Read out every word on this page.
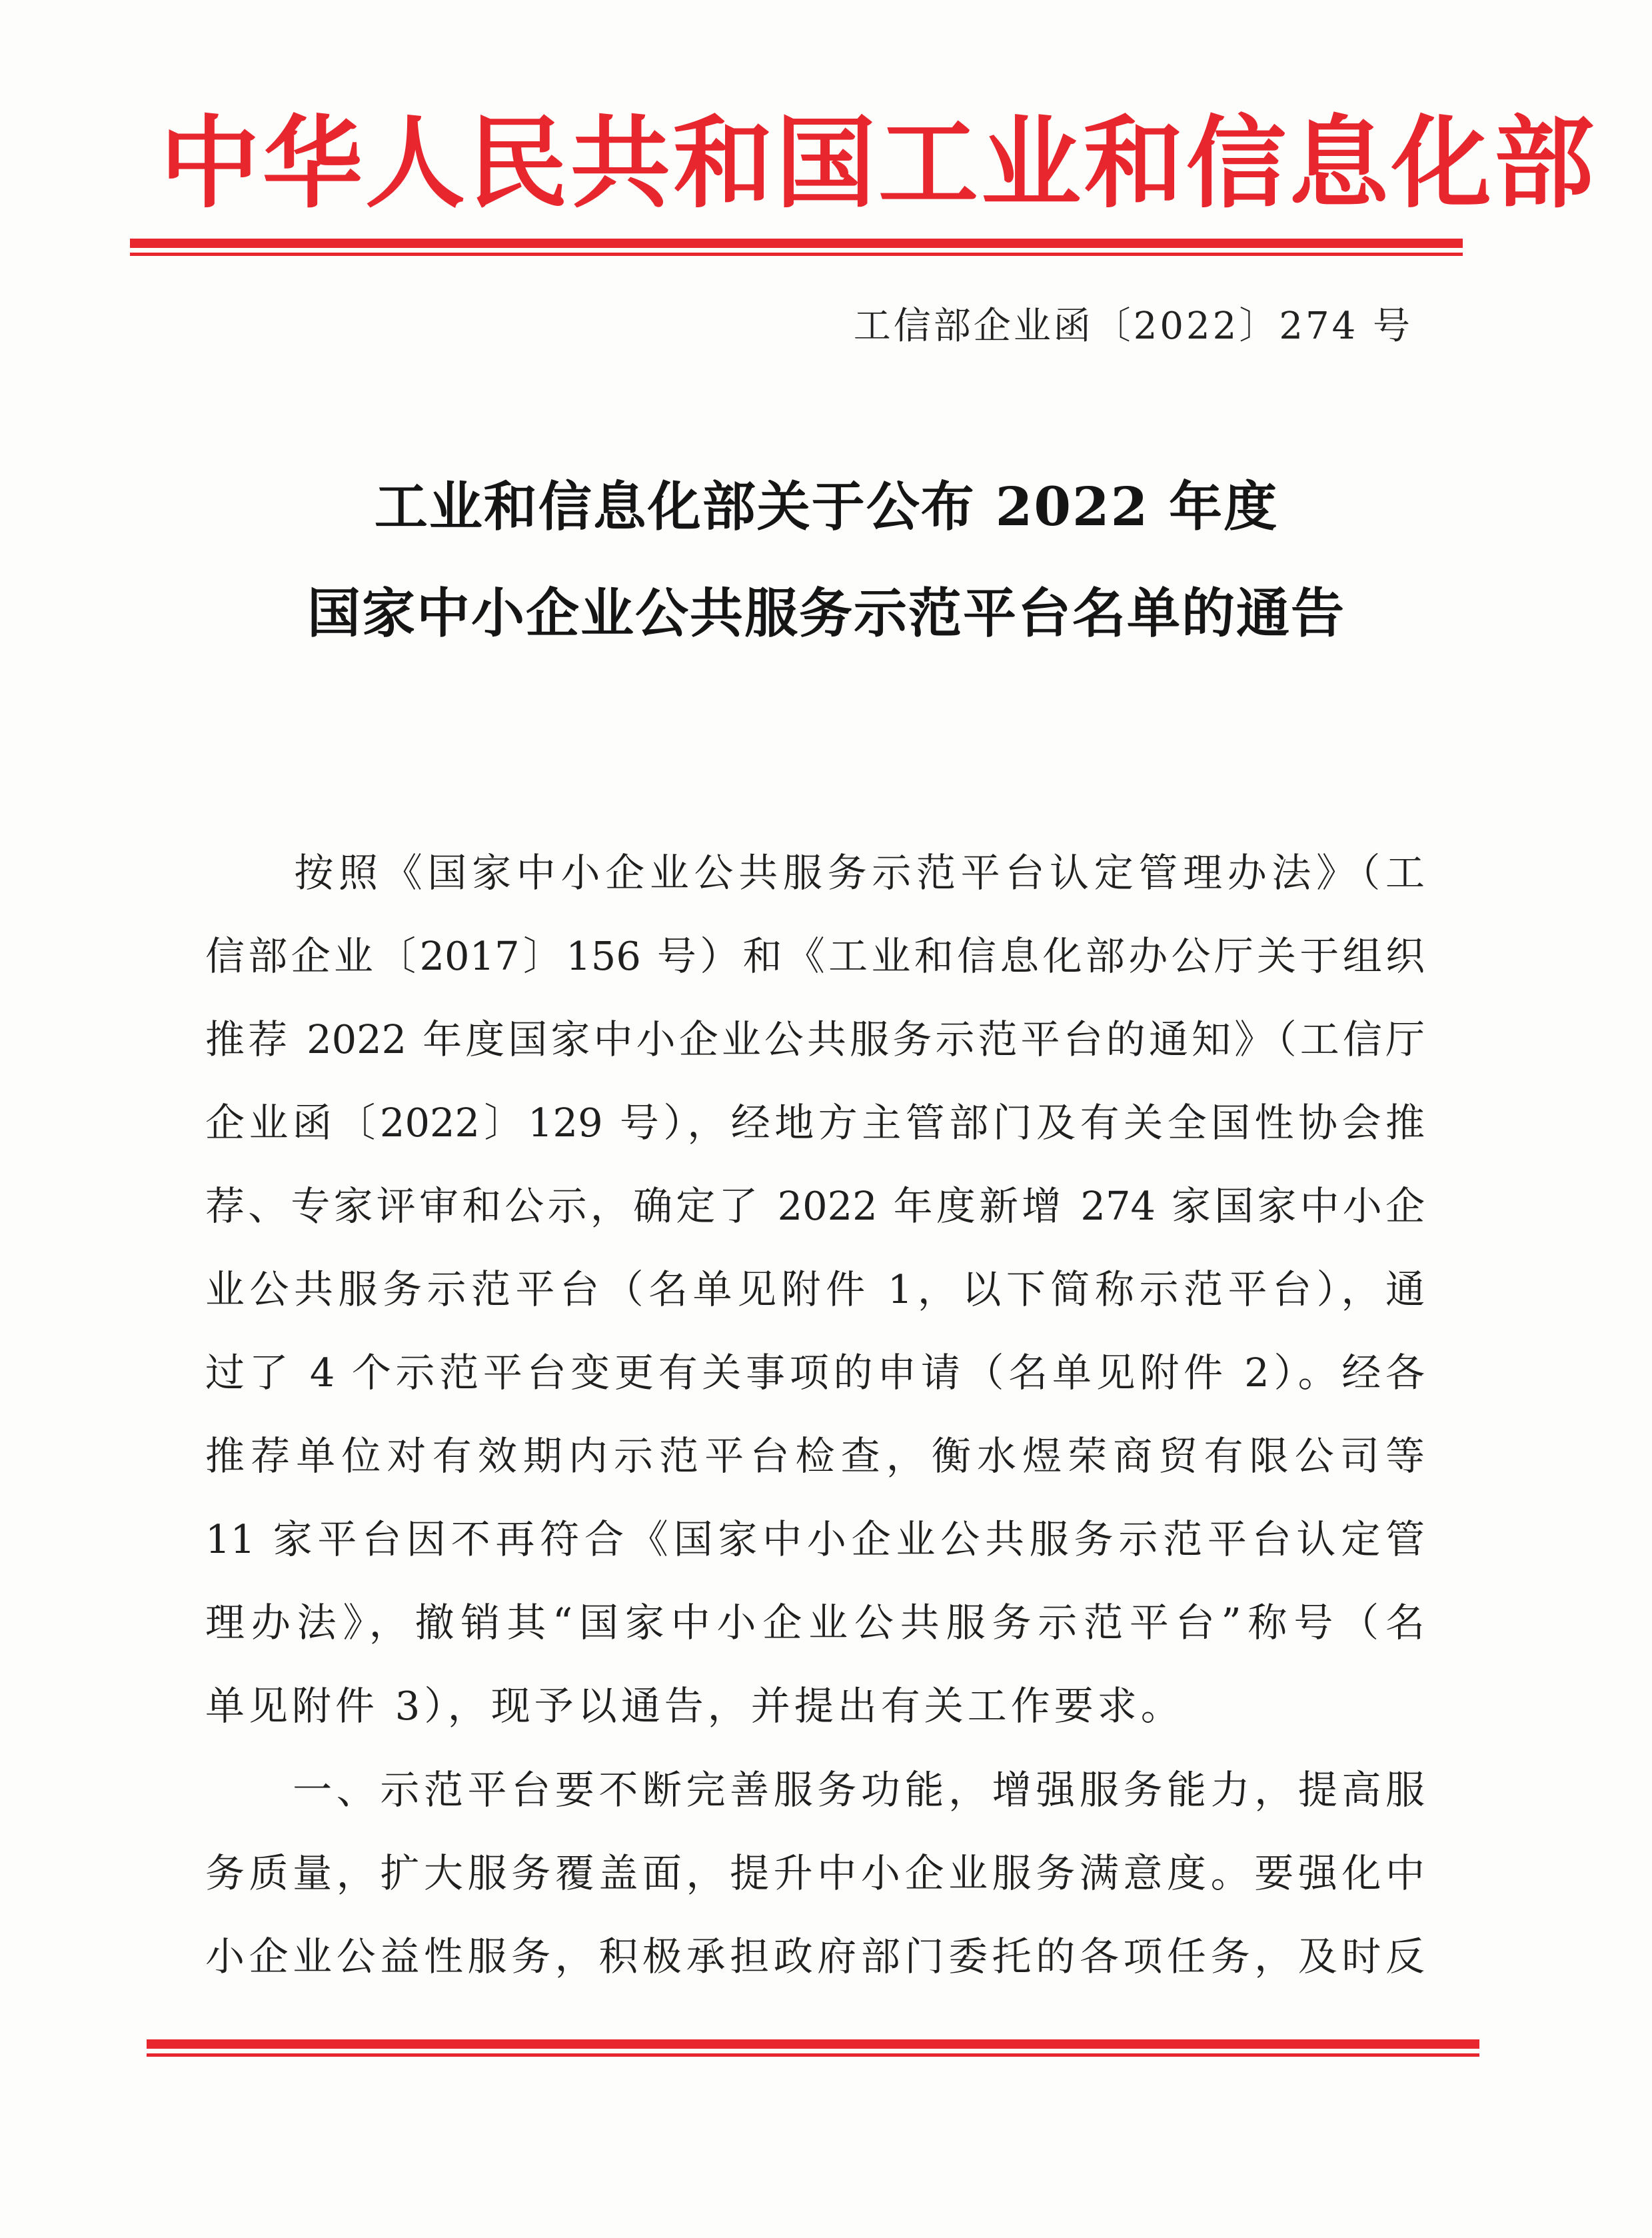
中华人民共和国工业和信息化部
工信部企业函〔2022〕274 号
工业和信息化部关于公布 2022 年度
国家中小企业公共服务示范平台名单的通告
　　按照《国家中小企业公共服务示范平台认定管理办法》（工
信部企业〔2017〕156 号）和《工业和信息化部办公厅关于组织
推荐 2022 年度国家中小企业公共服务示范平台的通知》（工信厅
企业函〔2022〕129 号），经地方主管部门及有关全国性协会推
荐、专家评审和公示，确定了 2022 年度新增 274 家国家中小企
业公共服务示范平台（名单见附件 1，以下简称示范平台），通
过了 4 个示范平台变更有关事项的申请（名单见附件 2）。经各
推荐单位对有效期内示范平台检查，衡水煜荣商贸有限公司等
11 家平台因不再符合《国家中小企业公共服务示范平台认定管
理办法》，撤销其“国家中小企业公共服务示范平台”称号（名
单见附件 3），现予以通告，并提出有关工作要求。
　　一、示范平台要不断完善服务功能，增强服务能力，提高服
务质量，扩大服务覆盖面，提升中小企业服务满意度。要强化中
小企业公益性服务，积极承担政府部门委托的各项任务，及时反
